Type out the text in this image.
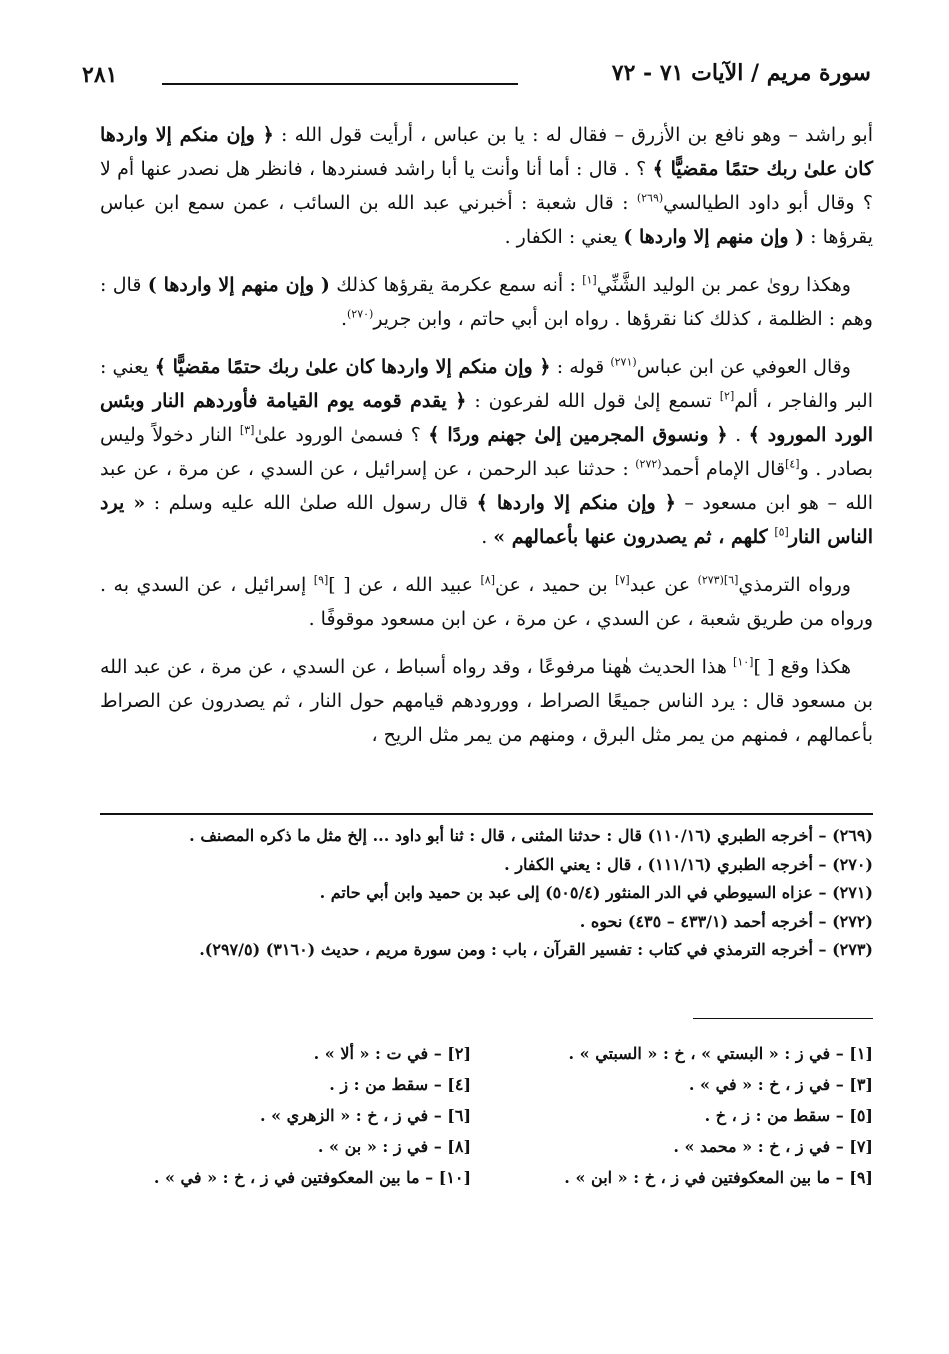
سورة مريم / الآيات ٧١ - ٧٢
٢٨١

أبو راشد – وهو نافع بن الأزرق – فقال له : يا بن عباس ، أرأيت قول الله : ﴿ وإن منكم إلا واردها كان علىٰ ربك حتمًا مقضيًّا ﴾ ؟ . قال : أما أنا وأنت يا أبا راشد فسنردها ، فانظر هل نصدر عنها أم لا ؟ وقال أبو داود الطيالسي$^{(٢٦٩)}$ : قال شعبة : أخبرني عبد الله بن السائب ، عمن سمع ابن عباس يقرؤها : ( وإن منهم إلا واردها ) يعني : الكفار .

وهكذا روىٰ عمر بن الوليد الشَّنِّي[١] : أنه سمع عكرمة يقرؤها كذلك ( وإن منهم إلا واردها ) قال : وهم : الظلمة ، كذلك كنا نقرؤها . رواه ابن أبي حاتم ، وابن جرير$^{(٢٧٠)}$.

وقال العوفي عن ابن عباس$^{(٢٧١)}$ قوله : ﴿ وإن منكم إلا واردها كان علىٰ ربك حتمًا مقضيًّا ﴾ يعني : البر والفاجر ، ألم[٢] تسمع إلىٰ قول الله لفرعون : ﴿ يقدم قومه يوم القيامة فأوردهم النار وبئس الورد المورود ﴾ . ﴿ ونسوق المجرمين إلىٰ جهنم وردًا ﴾ ؟ فسمىٰ الورود علىٰ[٣] النار دخولاً وليس بصادر . و[٤]قال الإمام أحمد$^{(٢٧٢)}$ : حدثنا عبد الرحمن ، عن إسرائيل ، عن السدي ، عن مرة ، عن عبد الله – هو ابن مسعود – ﴿ وإن منكم إلا واردها ﴾ قال رسول الله صلىٰ الله عليه وسلم : « يرد الناس النار[٥] كلهم ، ثم يصدرون عنها بأعمالهم » .

ورواه الترمذي$^{[٦](٢٧٣)}$ عن عبد[٧] بن حميد ، عن[٨] عبيد الله ، عن [ ][٩] إسرائيل ، عن السدي به . ورواه من طريق شعبة ، عن السدي ، عن مرة ، عن ابن مسعود موقوفًا .

هكذا وقع [ ][١٠] هذا الحديث هٰهنا مرفوعًا ، وقد رواه أسباط ، عن السدي ، عن مرة ، عن عبد الله بن مسعود قال : يرد الناس جميعًا الصراط ، وورودهم قيامهم حول النار ، ثم يصدرون عن الصراط بأعمالهم ، فمنهم من يمر مثل البرق ، ومنهم من يمر مثل الريح ،

(٢٦٩) – أخرجه الطبري (١١٠/١٦) قال : حدثنا المثنى ، قال : ثنا أبو داود ... إلخ مثل ما ذكره المصنف .

(٢٧٠) – أخرجه الطبري (١١١/١٦) ، قال : يعني الكفار .

(٢٧١) – عزاه السيوطي في الدر المنثور (٥٠٥/٤) إلى عبد بن حميد وابن أبي حاتم .

(٢٧٢) – أخرجه أحمد (٤٣٣/١ – ٤٣٥) نحوه .

(٢٧٣) – أخرجه الترمذي في كتاب : تفسير القرآن ، باب : ومن سورة مريم ، حديث (٣١٦٠) (٢٩٧/٥).

[١] – في ز : « البستي » ، خ : « السبتي » .
[٢] – في ت : « ألا » .
[٣] – في ز ، خ : « في » .
[٤] – سقط من : ز .
[٥] – سقط من : ز ، خ .
[٦] – في ز ، خ : « الزهري » .
[٧] – في ز ، خ : « محمد » .
[٨] – في ز : « بن » .
[٩] – ما بين المعكوفتين في ز ، خ : « ابن » .
[١٠] – ما بين المعكوفتين في ز ، خ : « في » .
